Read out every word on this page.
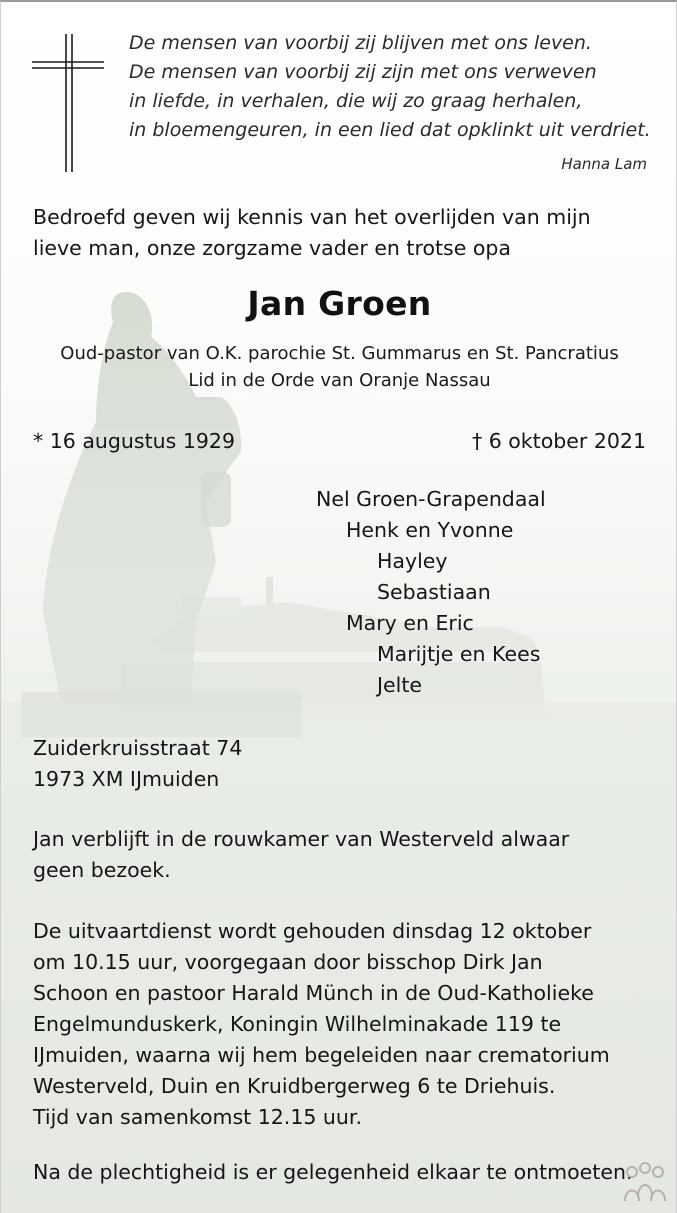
De mensen van voorbij zij blijven met ons leven.
De mensen van voorbij zij zijn met ons verweven
in liefde, in verhalen, die wij zo graag herhalen,
in bloemengeuren, in een lied dat opklinkt uit verdriet.
Hanna Lam
Bedroefd geven wij kennis van het overlijden van mijn
lieve man, onze zorgzame vader en trotse opa
Jan Groen
Oud-pastor van O.K. parochie St. Gummarus en St. Pancratius
Lid in de Orde van Oranje Nassau
* 16 augustus 1929	† 6 oktober 2021
Nel Groen-Grapendaal
Henk en Yvonne
Hayley
Sebastiaan
Mary en Eric
Marijtje en Kees
Jelte
Zuiderkruisstraat 74
1973 XM IJmuiden
Jan verblijft in de rouwkamer van Westerveld alwaar
geen bezoek.
De uitvaartdienst wordt gehouden dinsdag 12 oktober
om 10.15 uur, voorgegaan door bisschop Dirk Jan
Schoon en pastoor Harald Münch in de Oud-Katholieke
Engelmunduskerk, Koningin Wilhelminakade 119 te
IJmuiden, waarna wij hem begeleiden naar crematorium
Westerveld, Duin en Kruidbergerweg 6 te Driehuis.
Tijd van samenkomst 12.15 uur.
Na de plechtigheid is er gelegenheid elkaar te ontmoeten.
